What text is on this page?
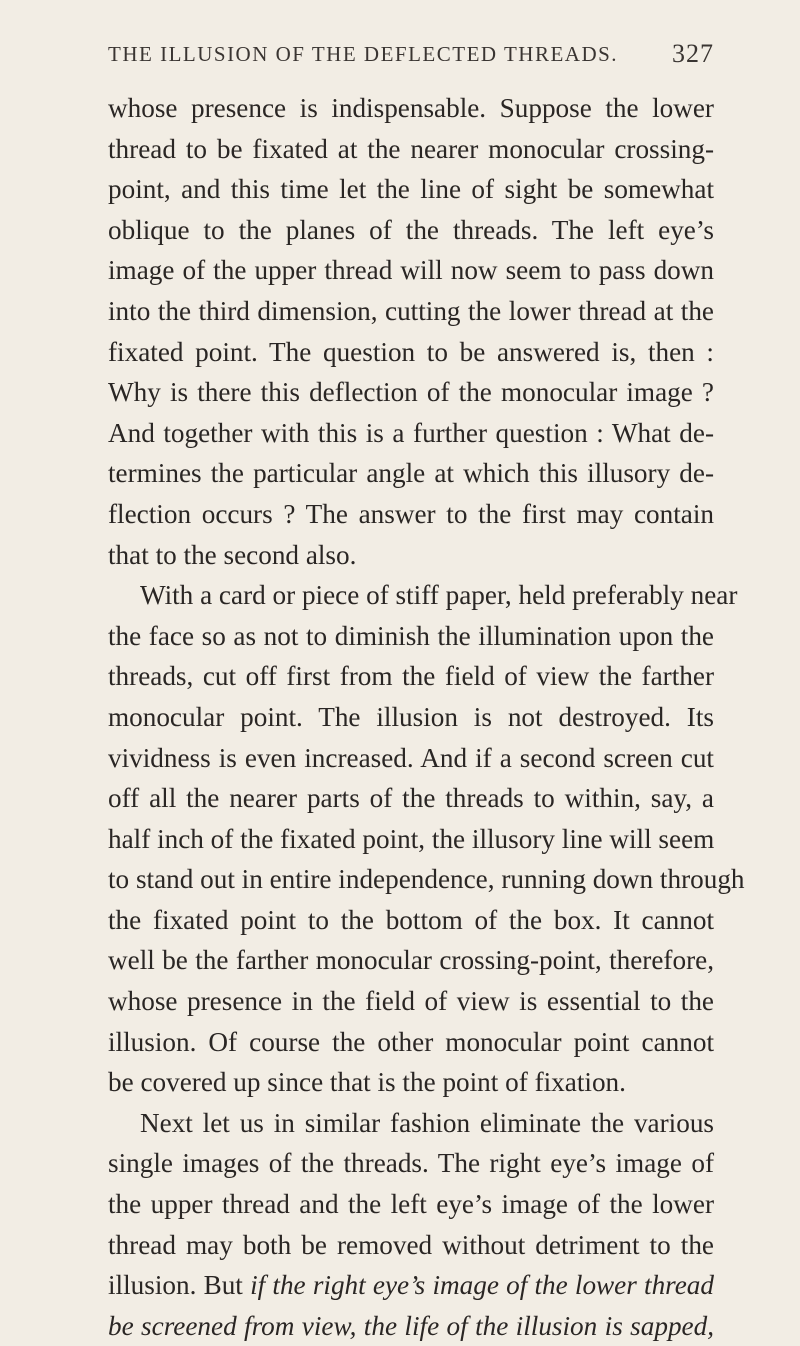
THE ILLUSION OF THE DEFLECTED THREADS. 327
whose presence is indispensable. Suppose the lower
thread to be fixated at the nearer monocular crossing-
point, and this time let the line of sight be somewhat
oblique to the planes of the threads. The left eye’s
image of the upper thread will now seem to pass down
into the third dimension, cutting the lower thread at the
fixated point. The question to be answered is, then :
Why is there this deflection of the monocular image ?
And together with this is a further question : What de-
termines the particular angle at which this illusory de-
flection occurs ? The answer to the first may contain
that to the second also.
With a card or piece of stiff paper, held preferably near
the face so as not to diminish the illumination upon the
threads, cut off first from the field of view the farther
monocular point. The illusion is not destroyed. Its
vividness is even increased. And if a second screen cut
off all the nearer parts of the threads to within, say, a
half inch of the fixated point, the illusory line will seem
to stand out in entire independence, running down through
the fixated point to the bottom of the box. It cannot
well be the farther monocular crossing-point, therefore,
whose presence in the field of view is essential to the
illusion. Of course the other monocular point cannot
be covered up since that is the point of fixation.
Next let us in similar fashion eliminate the various
single images of the threads. The right eye’s image of
the upper thread and the left eye’s image of the lower
thread may both be removed without detriment to the
illusion. But if the right eye’s image of the lower thread
be screened from view, the life of the illusion is sapped,
